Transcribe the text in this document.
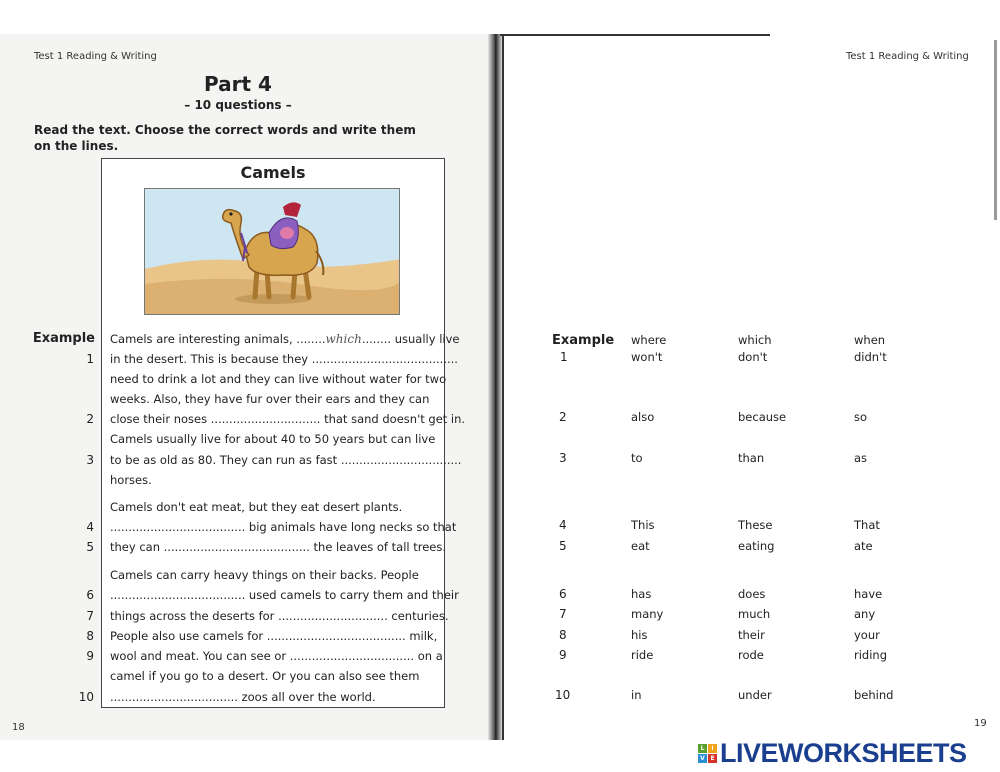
Test 1 Reading & Writing
Part 4
– 10 questions –
Read the text. Choose the correct words and write them on the lines.
Camels
Example
1
2
3
4
5
6
7
8
9
10
Camels are interesting animals, ........which........ usually live
in the desert. This is because they ........................................
need to drink a lot and they can live without water for two
weeks. Also, they have fur over their ears and they can
close their noses .............................. that sand doesn't get in.
Camels usually live for about 40 to 50 years but can live
to be as old as 80. They can run as fast .................................
horses.
Camels don't eat meat, but they eat desert plants.
..................................... big animals have long necks so that
they can ........................................ the leaves of tall trees.
Camels can carry heavy things on their backs. People
..................................... used camels to carry them and their
things across the deserts for .............................. centuries.
People also use camels for ...................................... milk,
wool and meat. You can see or .................................. on a
camel if you go to a desert. Or you can also see them
................................... zoos all over the world.
18
Test 1 Reading & Writing
Example where	which	when
1	won't	don't	didn't
2	also	because	so
3	to	than	as
4	This	These	That
5	eat	eating	ate
6	has	does	have
7	many	much	any
8	his	their	your
9	ride	rode	riding
10	in	under	behind
19
L	I
V E LIVEWORKSHEETS
